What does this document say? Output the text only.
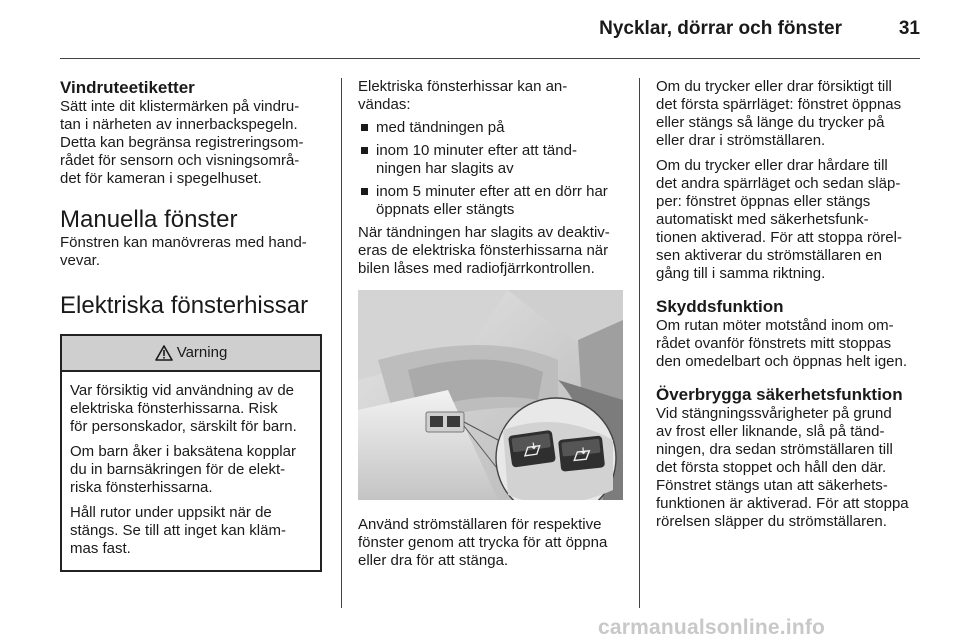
Nycklar, dörrar och fönster	31
Vindruteetiketter

Sätt inte dit klistermärken på vindru-
tan i närheten av innerbackspegeln.
Detta kan begränsa registreringsom-
rådet för sensorn och visningsområ-
det för kameran i spegelhuset.

Manuella fönster

Fönstren kan manövreras med hand-
vevar.

Elektriska fönsterhissar
Varning

Var försiktig vid användning av de
elektriska fönsterhissarna. Risk
för personskador, särskilt för barn.

Om barn åker i baksätena kopplar
du in barnsäkringen för de elekt-
riska fönsterhissarna.

Håll rutor under uppsikt när de
stängs. Se till att inget kan kläm-
mas fast.

Elektriska fönsterhissar kan an-
vändas:

med tändningen på
inom 10 minuter efter att tänd-
ningen har slagits av
inom 5 minuter efter att en dörr har
öppnats eller stängts

När tändningen har slagits av deaktiv-
eras de elektriska fönsterhissarna när
bilen låses med radiofjärrkontrollen.

Använd strömställaren för respektive
fönster genom att trycka för att öppna
eller dra för att stänga.

Om du trycker eller drar försiktigt till
det första spärrläget: fönstret öppnas
eller stängs så länge du trycker på
eller drar i strömställaren.

Om du trycker eller drar hårdare till
det andra spärrläget och sedan släp-
per: fönstret öppnas eller stängs
automatiskt med säkerhetsfunk-
tionen aktiverad. För att stoppa rörel-
sen aktiverar du strömställaren en
gång till i samma riktning.

Skyddsfunktion

Om rutan möter motstånd inom om-
rådet ovanför fönstrets mitt stoppas
den omedelbart och öppnas helt igen.

Överbrygga säkerhetsfunktion

Vid stängningssvårigheter på grund
av frost eller liknande, slå på tänd-
ningen, dra sedan strömställaren till
det första stoppet och håll den där.
Fönstret stängs utan att säkerhets-
funktionen är aktiverad. För att stoppa
rörelsen släpper du strömställaren.

carmanualsonline.info
